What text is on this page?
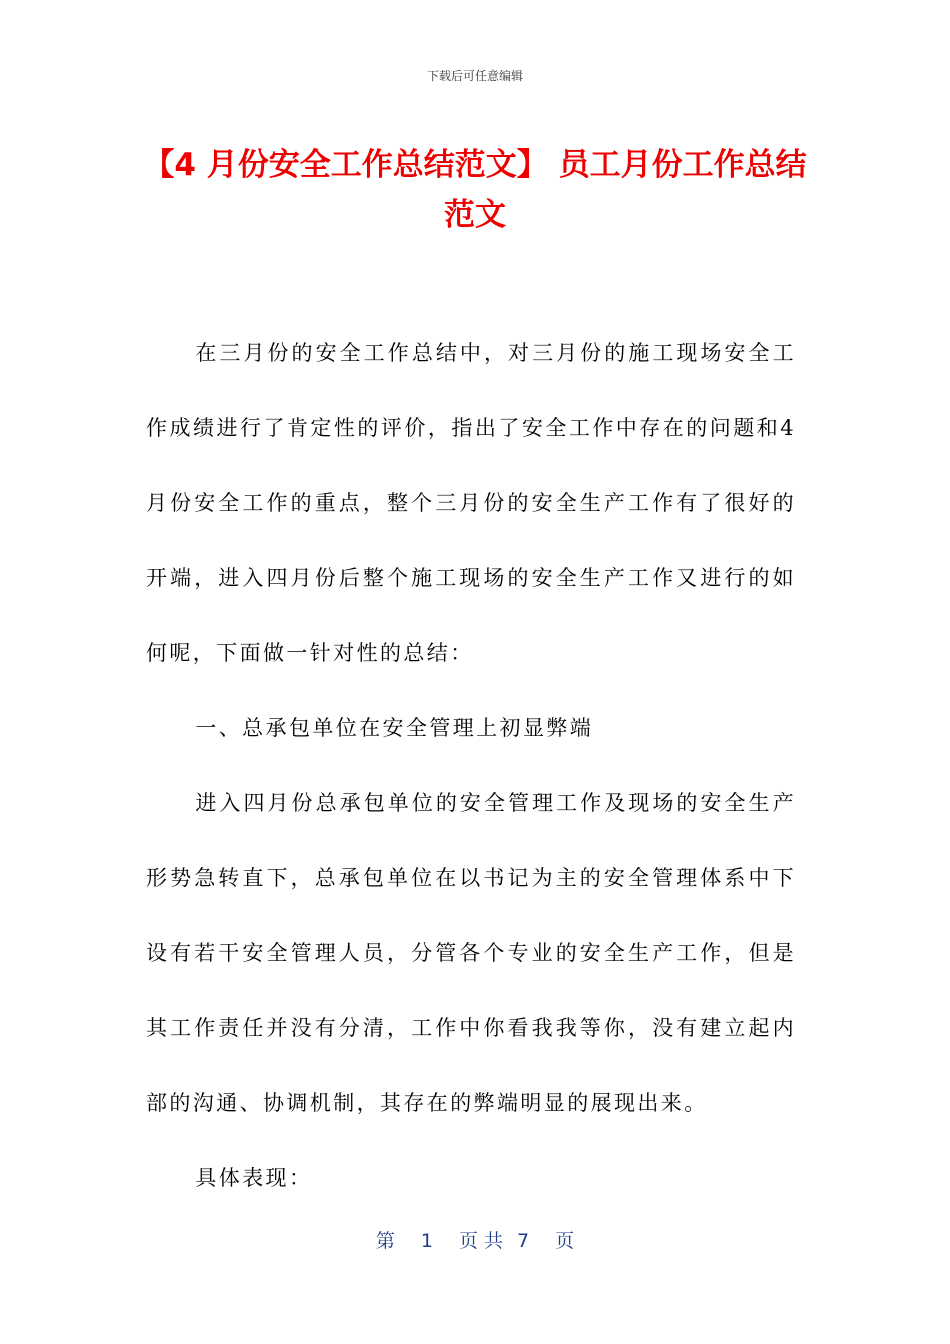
下载后可任意编辑
【4 月份安全工作总结范文】 员工月份工作总结范文

在三月份的安全工作总结中，对三月份的施工现场安全工作成绩进行了肯定性的评价，指出了安全工作中存在的问题和4 月份安全工作的重点，整个三月份的安全生产工作有了很好的开端，进入四月份后整个施工现场的安全生产工作又进行的如何呢，下面做一针对性的总结：

一、总承包单位在安全管理上初显弊端

进入四月份总承包单位的安全管理工作及现场的安全生产形势急转直下，总承包单位在以书记为主的安全管理体系中下设有若干安全管理人员，分管各个专业的安全生产工作，但是其工作责任并没有分清，工作中你看我我等你，没有建立起内部的沟通、协调机制，其存在的弊端明显的展现出来。

具体表现：

第 1 页 共 7 页
